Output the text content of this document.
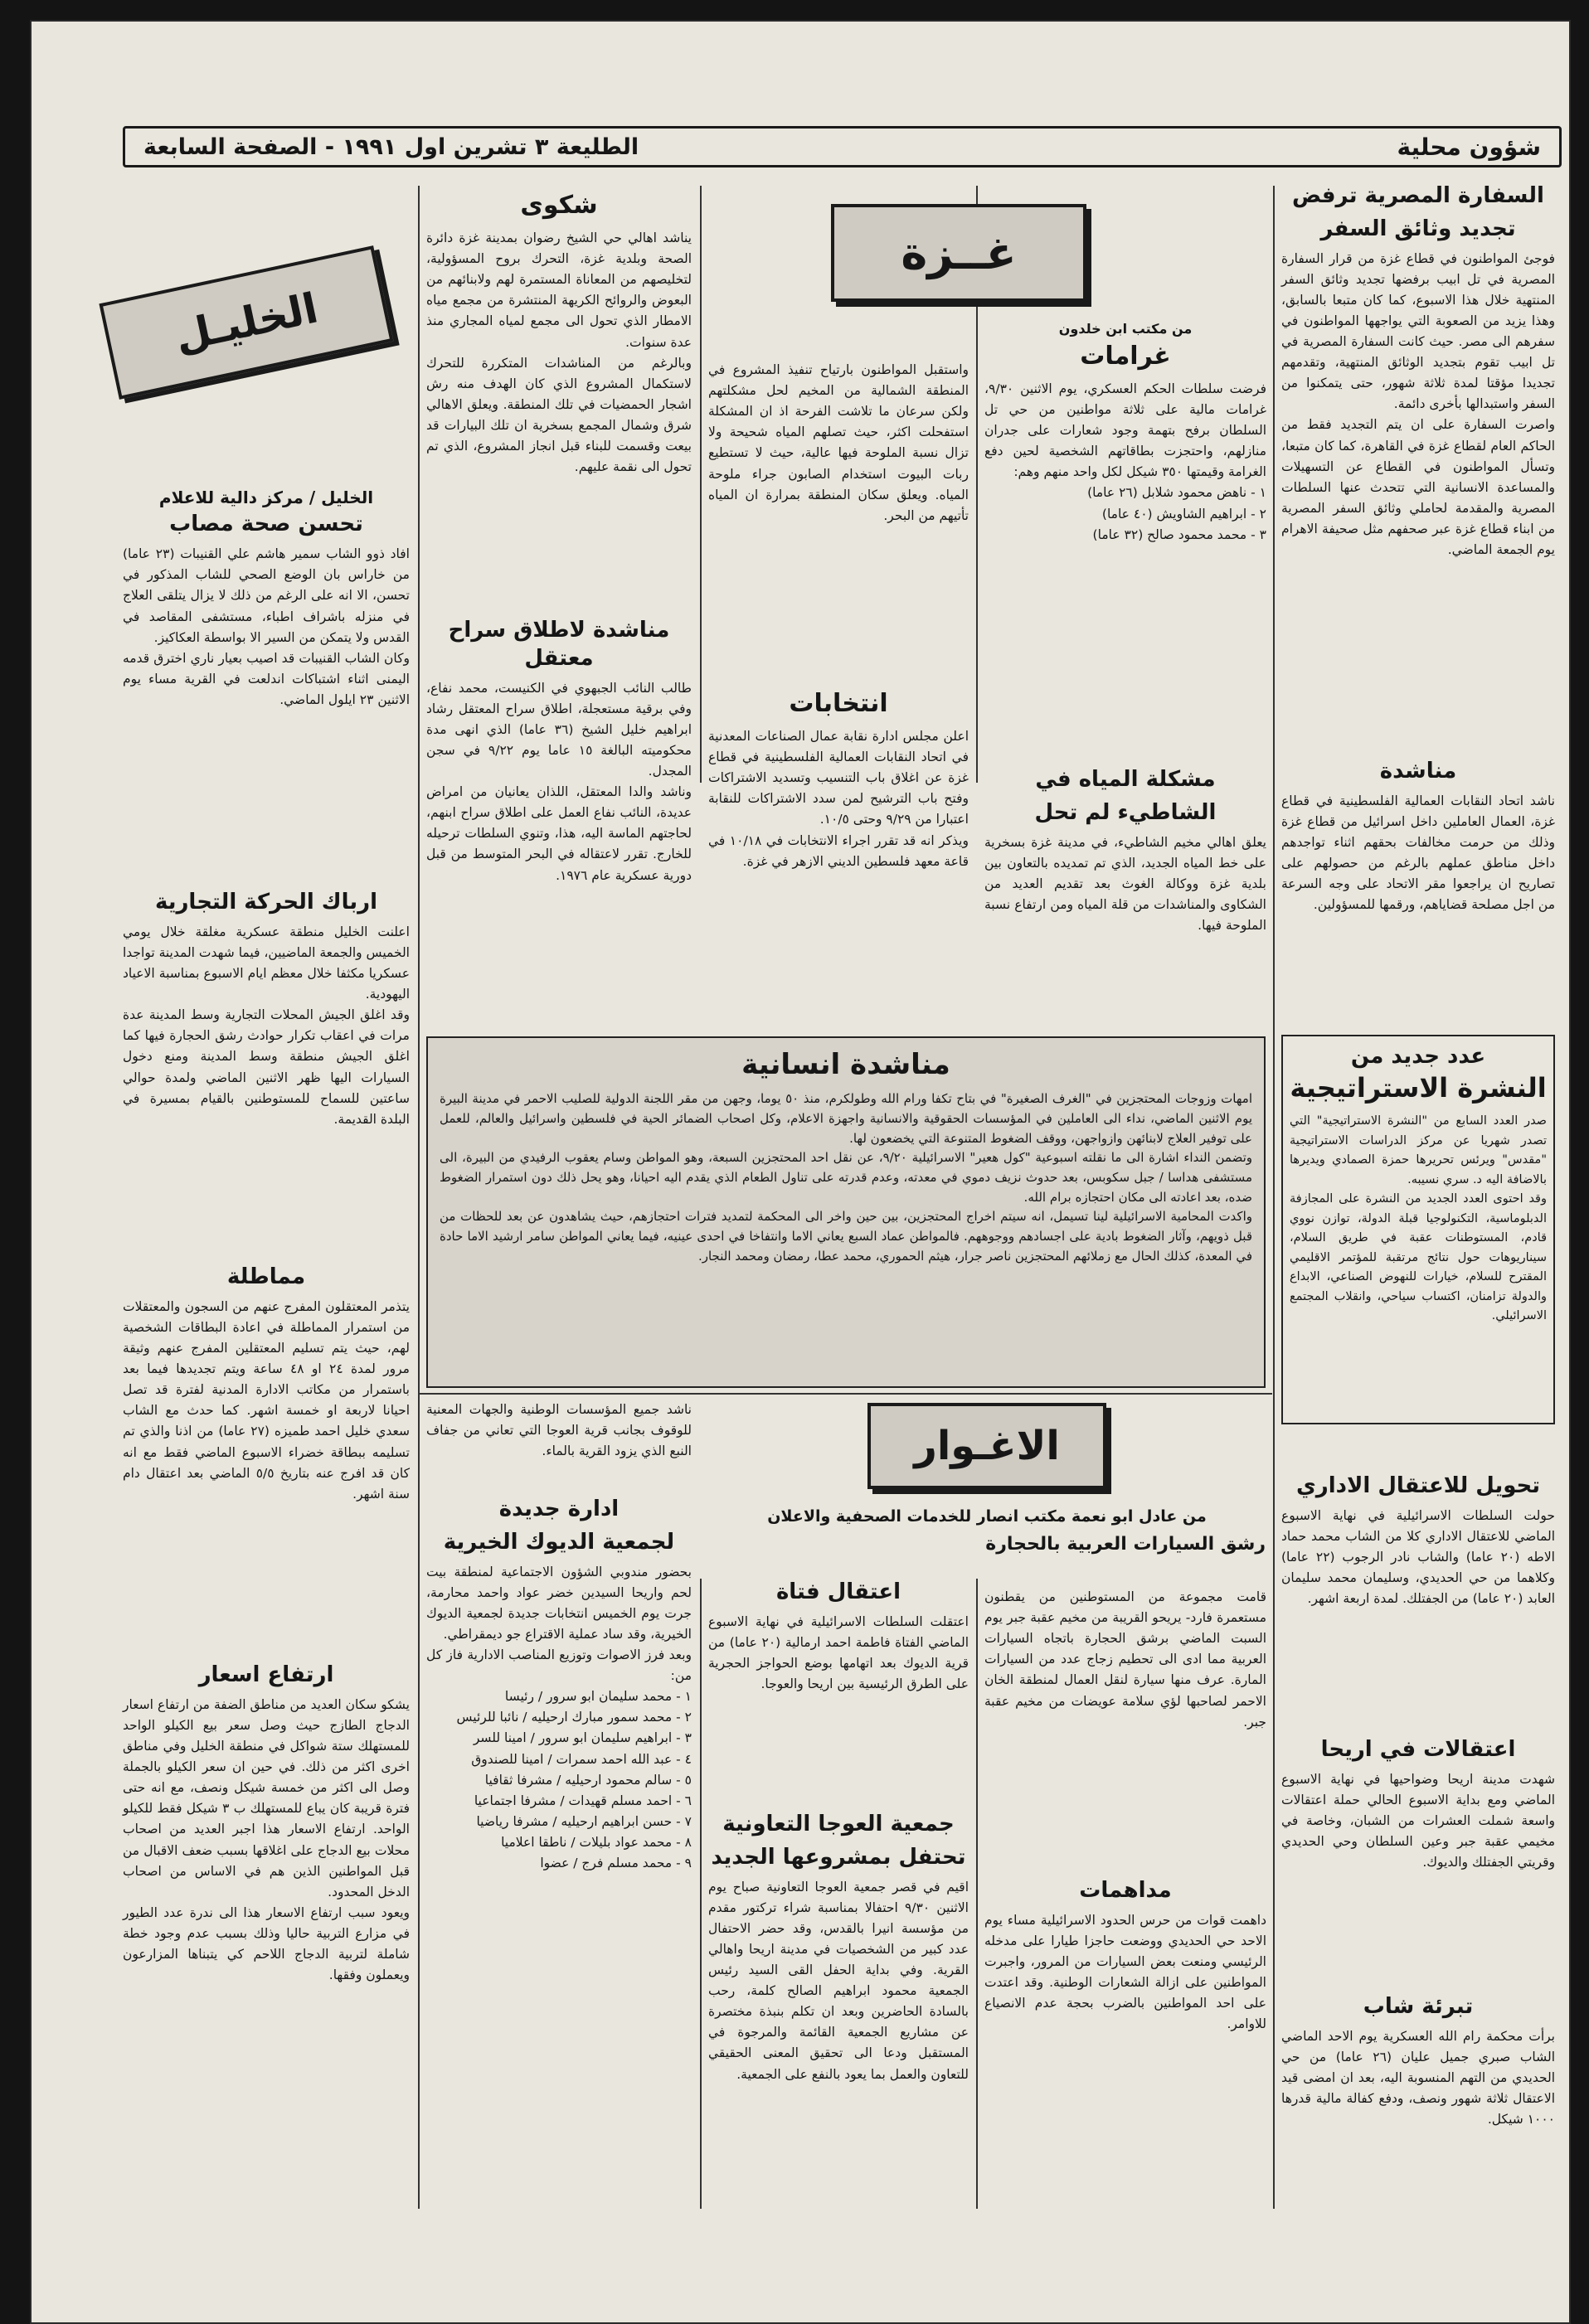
شؤون محلية
الطليعة ٣ تشرين اول ١٩٩١ - الصفحة السابعة
السفارة المصرية ترفض
تجديد وثائق السفر

فوجئ المواطنون في قطاع غزة من قرار السفارة المصرية في تل ابيب برفضها تجديد وثائق السفر المنتهية خلال هذا الاسبوع، كما كان متبعا بالسابق، وهذا يزيد من الصعوبة التي يواجهها المواطنون في سفرهم الى مصر. حيث كانت السفارة المصرية في تل ابيب تقوم بتجديد الوثائق المنتهية، وتقدمهم تجديدا مؤقتا لمدة ثلاثة شهور، حتى يتمكنوا من السفر واستبدالها بأخرى دائمة.

واصرت السفارة على ان يتم التجديد فقط من الحاكم العام لقطاع غزة في القاهرة، كما كان متبعا، وتسأل المواطنون في القطاع عن التسهيلات والمساعدة الانسانية التي تتحدث عنها السلطات المصرية والمقدمة لحاملي وثائق السفر المصرية من ابناء قطاع غزة عبر صحفهم مثل صحيفة الاهرام يوم الجمعة الماضي.

مناشدة

ناشد اتحاد النقابات العمالية الفلسطينية في قطاع غزة، العمال العاملين داخل اسرائيل من قطاع غزة وذلك من حرمت مخالفات بحقهم اثناء تواجدهم داخل مناطق عملهم بالرغم من حصولهم على تصاريح ان يراجعوا مقر الاتحاد على وجه السرعة من اجل مصلحة قضاياهم، ورقمها للمسؤولين.

عدد جديد من
النشرة الاستراتيجية

صدر العدد السابع من "النشرة الاستراتيجية" التي تصدر شهريا عن مركز الدراسات الاستراتيجية "مقدس" ويرئس تحريرها حمزة الصمادي ويديرها بالاضافة اليه د. سري نسيبه.

وقد احتوى العدد الجديد من النشرة على المجازفة الدبلوماسية، التكنولوجيا قبلة الدولة، توازن نووي قادم، المستوطنات عقبة في طريق السلام، سيناريوهات حول نتائج مرتقبة للمؤتمر الاقليمي المقترح للسلام، خيارات للنهوض الصناعي، الابداع والدولة تزامنان، اكتساب سياحي، وانقلاب المجتمع الاسرائيلي.

تحويل للاعتقال الاداري

حولت السلطات الاسرائيلية في نهاية الاسبوع الماضي للاعتقال الاداري كلا من الشاب محمد حماد الاطه (٢٠ عاما) والشاب نادر الرجوب (٢٢ عاما) وكلاهما من حي الحديدي، وسليمان محمد سليمان العابد (٢٠ عاما) من الجفتلك. لمدة اربعة اشهر.

اعتقالات في اريحا

شهدت مدينة اريحا وضواحيها في نهاية الاسبوع الماضي ومع بداية الاسبوع الحالي حملة اعتقالات واسعة شملت العشرات من الشبان، وخاصة في مخيمي عقبة جبر وعين السلطان وحي الحديدي وقريتي الجفتلك والديوك.

تبرئة شاب

برأت محكمة رام الله العسكرية يوم الاحد الماضي الشاب صبري جميل عليان (٢٦ عاما) من حي الحديدي من التهم المنسوبة اليه، بعد ان امضى قيد الاعتقال ثلاثة شهور ونصف، ودفع كفالة مالية قدرها ١٠٠٠ شيكل.

غــزة

من مكتب ابن خلدون

غرامات

فرضت سلطات الحكم العسكري، يوم الاثنين ٩/٣٠، غرامات مالية على ثلاثة مواطنين من حي تل السلطان برفح بتهمة وجود شعارات على جدران منازلهم، واحتجزت بطاقاتهم الشخصية لحين دفع الغرامة وقيمتها ٣٥٠ شيكل لكل واحد منهم وهم:

١ - ناهض محمود شلابل (٢٦ عاما)

٢ - ابراهيم الشاويش (٤٠ عاما)

٣ - محمد محمود صالح (٣٢ عاما)

مشكلة المياه في
الشاطيء لم تحل

يعلق اهالي مخيم الشاطيء، في مدينة غزة بسخرية على خط المياه الجديد، الذي تم تمديده بالتعاون بين بلدية غزة ووكالة الغوث بعد تقديم العديد من الشكاوى والمناشدات من قلة المياه ومن ارتفاع نسبة الملوحة فيها.

واستقبل المواطنون بارتياح تنفيذ المشروع في المنطقة الشمالية من المخيم لحل مشكلتهم ولكن سرعان ما تلاشت الفرحة اذ ان المشكلة استفحلت اكثر، حيث تصلهم المياه شحيحة ولا تزال نسبة الملوحة فيها عالية، حيث لا تستطيع ربات البيوت استخدام الصابون جراء ملوحة المياه. ويعلق سكان المنطقة بمرارة ان المياه تأتيهم من البحر.

انتخابات

اعلن مجلس ادارة نقابة عمال الصناعات المعدنية في اتحاد النقابات العمالية الفلسطينية في قطاع غزة عن اغلاق باب التنسيب وتسديد الاشتراكات وفتح باب الترشيح لمن سدد الاشتراكات للنقابة اعتبارا من ٩/٢٩ وحتى ١٠/٥.

ويذكر انه قد تقرر اجراء الانتخابات في ١٠/١٨ في قاعة معهد فلسطين الديني الازهر في غزة.

شكوى

يناشد اهالي حي الشيخ رضوان بمدينة غزة دائرة الصحة وبلدية غزة، التحرك بروح المسؤولية، لتخليصهم من المعاناة المستمرة لهم ولابنائهم من البعوض والروائح الكريهة المنتشرة من مجمع مياه الامطار الذي تحول الى مجمع لمياه المجاري منذ عدة سنوات.

وبالرغم من المناشدات المتكررة للتحرك لاستكمال المشروع الذي كان الهدف منه رش اشجار الحمضيات في تلك المنطقة. ويعلق الاهالي شرق وشمال المجمع بسخرية ان تلك البيارات قد بيعت وقسمت للبناء قبل انجاز المشروع، الذي تم تحول الى نقمة عليهم.

مناشدة لاطلاق سراح معتقل

طالب النائب الجبهوي في الكنيست، محمد نفاع، وفي برقية مستعجلة، اطلاق سراح المعتقل رشاد ابراهيم خليل الشيخ (٣٦ عاما) الذي انهى مدة محكوميته البالغة ١٥ عاما يوم ٩/٢٢ في سجن المجدل.

وناشد والدا المعتقل، اللذان يعانيان من امراض عديدة، النائب نفاع العمل على اطلاق سراح ابنهم، لحاجتهم الماسة اليه، هذا، وتنوي السلطات ترحيله للخارج. تقرر لاعتقاله في البحر المتوسط من قبل دورية عسكرية عام ١٩٧٦.

مناشدة انسانية

امهات وزوجات المحتجزين في "الغرف الصغيرة" في بتاح تكفا ورام الله وطولكرم، منذ ٥٠ يوما، وجهن من مقر اللجنة الدولية للصليب الاحمر في مدينة البيرة يوم الاثنين الماضي، نداء الى العاملين في المؤسسات الحقوقية والانسانية واجهزة الاعلام، وكل اصحاب الضمائر الحية في فلسطين واسرائيل والعالم، للعمل على توفير العلاج لابنائهن وازواجهن، ووقف الضغوط المتنوعة التي يخضعون لها.

وتضمن النداء اشارة الى ما نقلته اسبوعية "كول هعير" الاسرائيلية ٩/٢٠، عن نقل احد المحتجزين السبعة، وهو المواطن وسام يعقوب الرفيدي من البيرة، الى مستشفى هداسا / جبل سكوبس، بعد حدوث نزيف دموي في معدته، وعدم قدرته على تناول الطعام الذي يقدم اليه احيانا، وهو يحل ذلك دون استمرار الضغوط ضده، بعد اعادته الى مكان احتجازه برام الله.

واكدت المحامية الاسرائيلية لينا تسيمل، انه سيتم اخراج المحتجزين، بين حين واخر الى المحكمة لتمديد فترات احتجازهم، حيث يشاهدون عن بعد للحظات من قبل ذويهم، وآثار الضغوط بادية على اجسادهم ووجوههم. فالمواطن عماد السبع يعاني الاما وانتفاخا في احدى عينيه، فيما يعاني المواطن سامر ارشيد الاما حادة في المعدة، كذلك الحال مع زملائهم المحتجزين ناصر جرار، هيثم الحموري، محمد عطا، رمضان ومحمد النجار.

الخليـل

الخليل / مركز دالية للاعلام

تحسن صحة مصاب

افاد ذوو الشاب سمير هاشم علي القنيبات (٢٣ عاما) من خاراس بان الوضع الصحي للشاب المذكور في تحسن، الا انه على الرغم من ذلك لا يزال يتلقى العلاج في منزله باشراف اطباء، مستشفى المقاصد في القدس ولا يتمكن من السير الا بواسطة العكاكيز.

وكان الشاب القنيبات قد اصيب بعيار ناري اخترق قدمه اليمنى اثناء اشتباكات اندلعت في القرية مساء يوم الاثنين ٢٣ ايلول الماضي.

ارباك الحركة التجارية

اعلنت الخليل منطقة عسكرية مغلقة خلال يومي الخميس والجمعة الماضيين، فيما شهدت المدينة تواجدا عسكريا مكثفا خلال معظم ايام الاسبوع بمناسبة الاعياد اليهودية.

وقد اغلق الجيش المحلات التجارية وسط المدينة عدة مرات في اعقاب تكرار حوادث رشق الحجارة فيها كما اغلق الجيش منطقة وسط المدينة ومنع دخول السيارات اليها ظهر الاثنين الماضي ولمدة حوالي ساعتين للسماح للمستوطنين بالقيام بمسيرة في البلدة القديمة.

مماطلة

يتذمر المعتقلون المفرج عنهم من السجون والمعتقلات من استمرار المماطلة في اعادة البطاقات الشخصية لهم، حيث يتم تسليم المعتقلين المفرج عنهم وثيقة مرور لمدة ٢٤ او ٤٨ ساعة ويتم تجديدها فيما بعد باستمرار من مكاتب الادارة المدنية لفترة قد تصل احيانا لاربعة او خمسة اشهر. كما حدث مع الشاب سعدي خليل احمد طميزه (٢٧ عاما) من اذنا والذي تم تسليمه ببطاقة خضراء الاسبوع الماضي فقط مع انه كان قد افرج عنه بتاريخ ٥/٥ الماضي بعد اعتقال دام سنة اشهر.

ارتفاع اسعار

يشكو سكان العديد من مناطق الضفة من ارتفاع اسعار الدجاج الطازج حيث وصل سعر بيع الكيلو الواحد للمستهلك ستة شواكل في منطقة الخليل وفي مناطق اخرى اكثر من ذلك. في حين ان سعر الكيلو بالجملة وصل الى اكثر من خمسة شيكل ونصف، مع انه حتى فترة قريبة كان يباع للمستهلك ب ٣ شيكل فقط للكيلو الواحد. ارتفاع الاسعار هذا اجبر العديد من اصحاب محلات بيع الدجاج على اغلاقها بسبب ضعف الاقبال من قبل المواطنين الذين هم في الاساس من اصحاب الدخل المحدود.

ويعود سبب ارتفاع الاسعار هذا الى ندرة عدد الطيور في مزارع التربية حاليا وذلك بسبب عدم وجود خطة شاملة لتربية الدجاج اللاحم كي يتبناها المزارعون ويعملون وفقها.

ناشد جميع المؤسسات الوطنية والجهات المعنية للوقوف بجانب قرية العوجا التي تعاني من جفاف النبع الذي يزود القرية بالماء.

ادارة جديدة
لجمعية الديوك الخيرية

بحضور مندوبي الشؤون الاجتماعية لمنطقة بيت لحم واريحا السيدين خضر عواد واحمد محارمة، جرت يوم الخميس انتخابات جديدة لجمعية الديوك الخيرية، وقد ساد عملية الاقتراع جو ديمقراطي.

وبعد فرز الاصوات وتوزيع المناصب الادارية فاز كل من:

١ - محمد سليمان ابو سرور / رئيسا

٢ - محمد سمور مبارك ارحيليه / نائبا للرئيس

٣ - ابراهيم سليمان ابو سرور / امينا للسر

٤ - عبد الله احمد سمرات / امينا للصندوق

٥ - سالم محمود ارحيليه / مشرفا ثقافيا

٦ - احمد مسلم قهيدات / مشرفا اجتماعيا

٧ - حسن ابراهيم ارحيليه / مشرفا رياضيا

٨ - محمد عواد بليلات / ناطقا اعلاميا

٩ - محمد مسلم فرج / عضوا

الاغـوار

من عادل ابو نعمة مكتب انصار للخدمات الصحفية والاعلان

رشق السيارات العربية بالحجارة

قامت مجموعة من المستوطنين من يقطنون مستعمرة فارد- يريحو القريبة من مخيم عقبة جبر يوم السبت الماضي برشق الحجارة باتجاه السيارات العربية مما ادى الى تحطيم زجاج عدد من السيارات المارة. عرف منها سيارة لنقل العمال لمنطقة الخان الاحمر لصاحبها لؤي سلامة عويضات من مخيم عقبة جبر.

مداهمات

داهمت قوات من حرس الحدود الاسرائيلية مساء يوم الاحد حي الحديدي ووضعت حاجزا طيارا على مدخله الرئيسي ومنعت بعض السيارات من المرور، واجبرت المواطنين على ازالة الشعارات الوطنية. وقد اعتدت على احد المواطنين بالضرب بحجة عدم الانصياع للاوامر.

اعتقال فتاة

اعتقلت السلطات الاسرائيلية في نهاية الاسبوع الماضي الفتاة فاطمة احمد ارمالية (٢٠ عاما) من قرية الديوك بعد اتهامها بوضع الحواجز الحجرية على الطرق الرئيسية بين اريحا والعوجا.

جمعية العوجا التعاونية
تحتفل بمشروعها الجديد

اقيم في قصر جمعية العوجا التعاونية صباح يوم الاثنين ٩/٣٠ احتفالا بمناسبة شراء تركتور مقدم من مؤسسة انيرا بالقدس، وقد حضر الاحتفال عدد كبير من الشخصيات في مدينة اريحا واهالي القرية. وفي بداية الحفل القى السيد رئيس الجمعية محمود ابراهيم الصالح كلمة، رحب بالسادة الحاضرين وبعد ان تكلم بنبذة مختصرة عن مشاريع الجمعية القائمة والمرجوة في المستقبل ودعا الى تحقيق المعنى الحقيقي للتعاون والعمل بما يعود بالنفع على الجمعية.
